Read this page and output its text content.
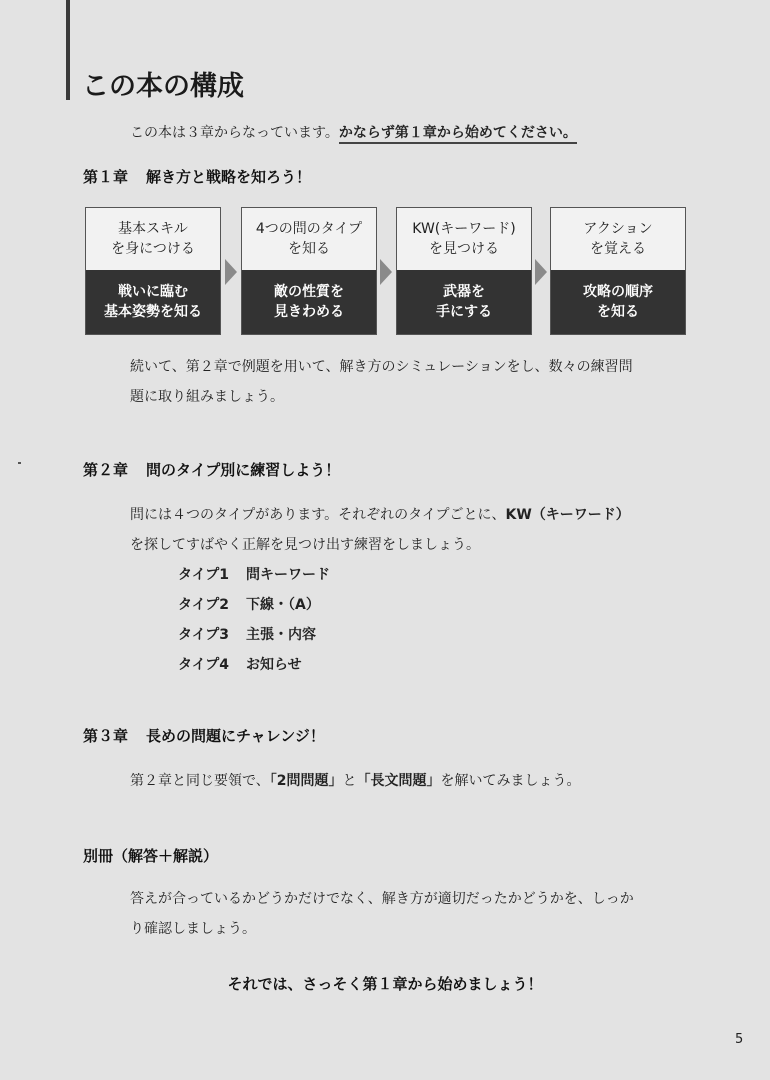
この本の構成

この本は３章からなっています。かならず第１章から始めてください。

第１章 解き方と戦略を知ろう！
基本スキル
を身につける
戦いに臨む
基本姿勢を知る
4つの問のタイプ
を知る
敵の性質を
見きわめる
KW(キーワード)
を見つける
武器を
手にする
アクション
を覚える
攻略の順序
を知る
続いて、第２章で例題を用いて、解き方のシミュレーションをし、数々の練習問
題に取り組みましょう。
第２章 問のタイプ別に練習しよう！
問には４つのタイプがあります。それぞれのタイプごとに、KW（キーワード）
を探してすばやく正解を見つけ出す練習をしましょう。
タイプ1 問キーワード
タイプ2 下線・（A）
タイプ3 主張・内容
タイプ4 お知らせ
第３章 長めの問題にチャレンジ！
第２章と同じ要領で、「2問問題」と「長文問題」を解いてみましょう。
別冊（解答＋解説）
答えが合っているかどうかだけでなく、解き方が適切だったかどうかを、しっか
り確認しましょう。

それでは、さっそく第１章から始めましょう！

5
